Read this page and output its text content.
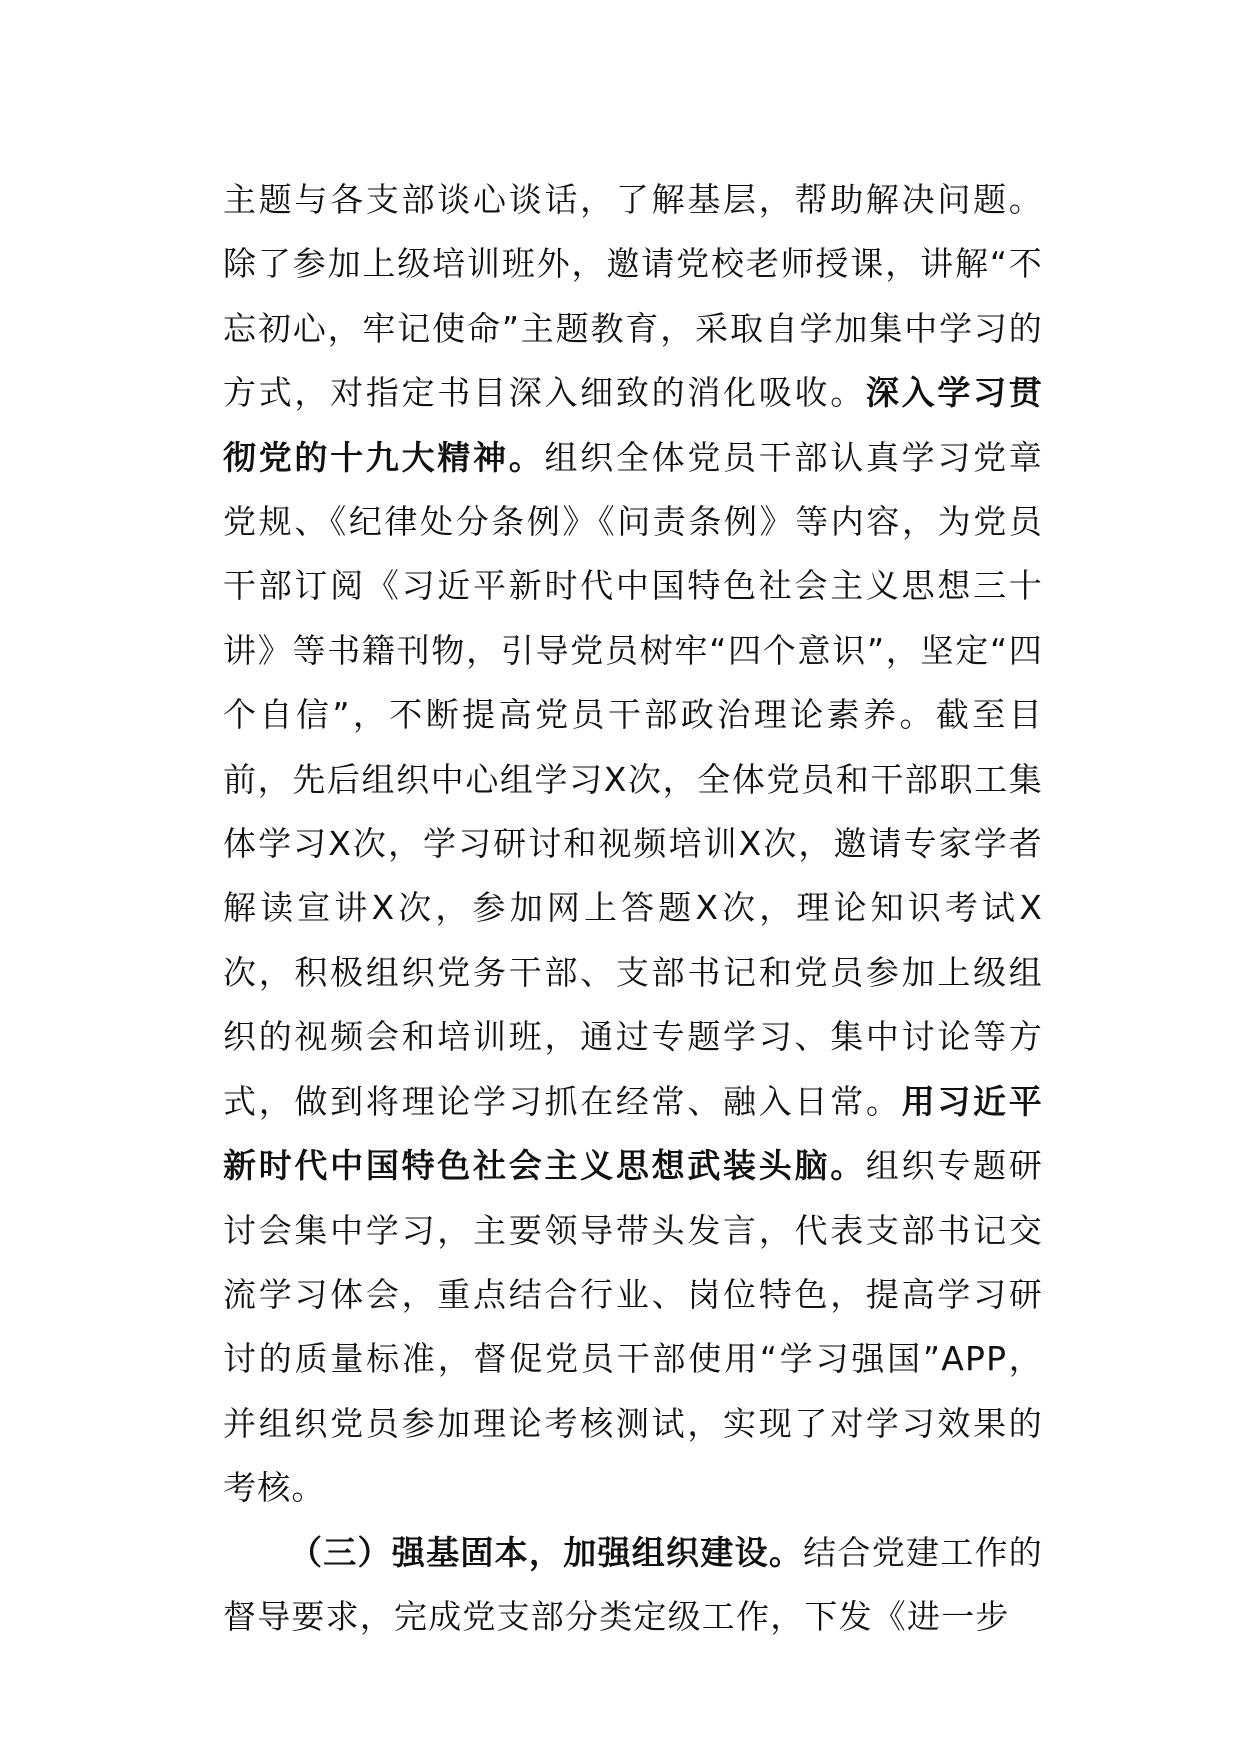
主题与各支部谈心谈话，了解基层，帮助解决问题。除了参加上级培训班外，邀请党校老师授课，讲解“不忘初心，牢记使命”主题教育，采取自学加集中学习的方式，对指定书目深入细致的消化吸收。深入学习贯彻党的十九大精神。组织全体党员干部认真学习党章党规、《纪律处分条例》《问责条例》等内容，为党员干部订阅《习近平新时代中国特色社会主义思想三十讲》等书籍刊物，引导党员树牢“四个意识”，坚定“四个自信”，不断提高党员干部政治理论素养。截至目前，先后组织中心组学习X次，全体党员和干部职工集体学习X次，学习研讨和视频培训X次，邀请专家学者解读宣讲X次，参加网上答题X次，理论知识考试X次，积极组织党务干部、支部书记和党员参加上级组织的视频会和培训班，通过专题学习、集中讨论等方式，做到将理论学习抓在经常、融入日常。用习近平新时代中国特色社会主义思想武装头脑。组织专题研讨会集中学习，主要领导带头发言，代表支部书记交流学习体会，重点结合行业、岗位特色，提高学习研讨的质量标准，督促党员干部使用“学习强国”APP，并组织党员参加理论考核测试，实现了对学习效果的考核。

（三）强基固本，加强组织建设。结合党建工作的督导要求，完成党支部分类定级工作，下发《进一步
